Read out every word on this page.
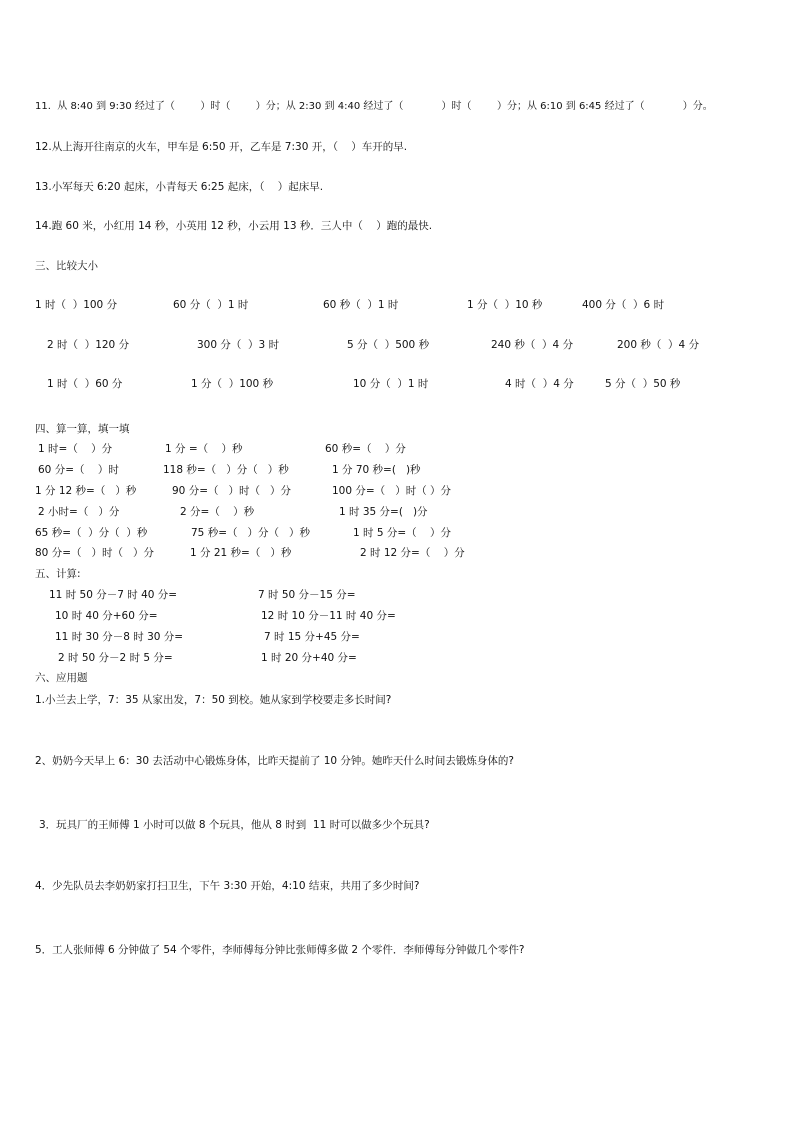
11.  从 8:40 到 9:30 经过了（        ）时（        ）分；从 2:30 到 4:40 经过了（            ）时（        ）分；从 6:10 到 6:45 经过了（            ）分。
12.从上海开往南京的火车，甲车是 6:50 开，乙车是 7:30 开，（    ）车开的早.
13.小军每天 6:20 起床，小青每天 6:25 起床，（    ）起床早.
14.跑 60 米，小红用 14 秒，小英用 12 秒，小云用 13 秒．三人中（    ）跑的最快.
三、比较大小
1 时（  ）100 分	60 分（  ）1 时	60 秒（  ）1 时	1 分（  ）10 秒	400 分（  ）6 时
2 时（  ）120 分	300 分（  ）3 时	5 分（  ）500 秒	240 秒（  ）4 分	200 秒（  ）4 分
1 时（  ）60 分	1 分（  ）100 秒	10 分（  ）1 时	4 时（  ）4 分	5 分（  ）50 秒
四、算一算，填一填
1 时=（    ）分	1 分 =（    ）秒	60 秒=（    ）分
60 分=（    ）时	118 秒=（   ）分（   ）秒	1 分 70 秒=(   )秒
1 分 12 秒=（   ）秒	90 分=（   ）时（   ）分	100 分=（   ）时（ ）分
2 小时=（   ）分	2 分=（    ）秒	1 时 35 分=(   )分
65 秒=（  ）分（  ）秒	75 秒=（   ）分（   ）秒	1 时 5 分=（    ）分
80 分=（   ）时（   ）分	1 分 21 秒=（   ）秒	2 时 12 分=（    ）分
五、计算:
11 时 50 分－7 时 40 分=	7 时 50 分－15 分=
10 时 40 分+60 分=	12 时 10 分－11 时 40 分=
11 时 30 分－8 时 30 分=	7 时 15 分+45 分=
2 时 50 分－2 时 5 分=	1 时 20 分+40 分=
六、应用题
1.小兰去上学，7：35 从家出发，7：50 到校。她从家到学校要走多长时间?
2、奶奶今天早上 6：30 去活动中心锻炼身体，比昨天提前了 10 分钟。她昨天什么时间去锻炼身体的?
3．玩具厂的王师傅 1 小时可以做 8 个玩具，他从 8 时到  11 时可以做多少个玩具?
4．少先队员去李奶奶家打扫卫生，下午 3:30 开始，4:10 结束，共用了多少时间?
5．工人张师傅 6 分钟做了 54 个零件，李师傅每分钟比张师傅多做 2 个零件．李师傅每分钟做几个零件?
